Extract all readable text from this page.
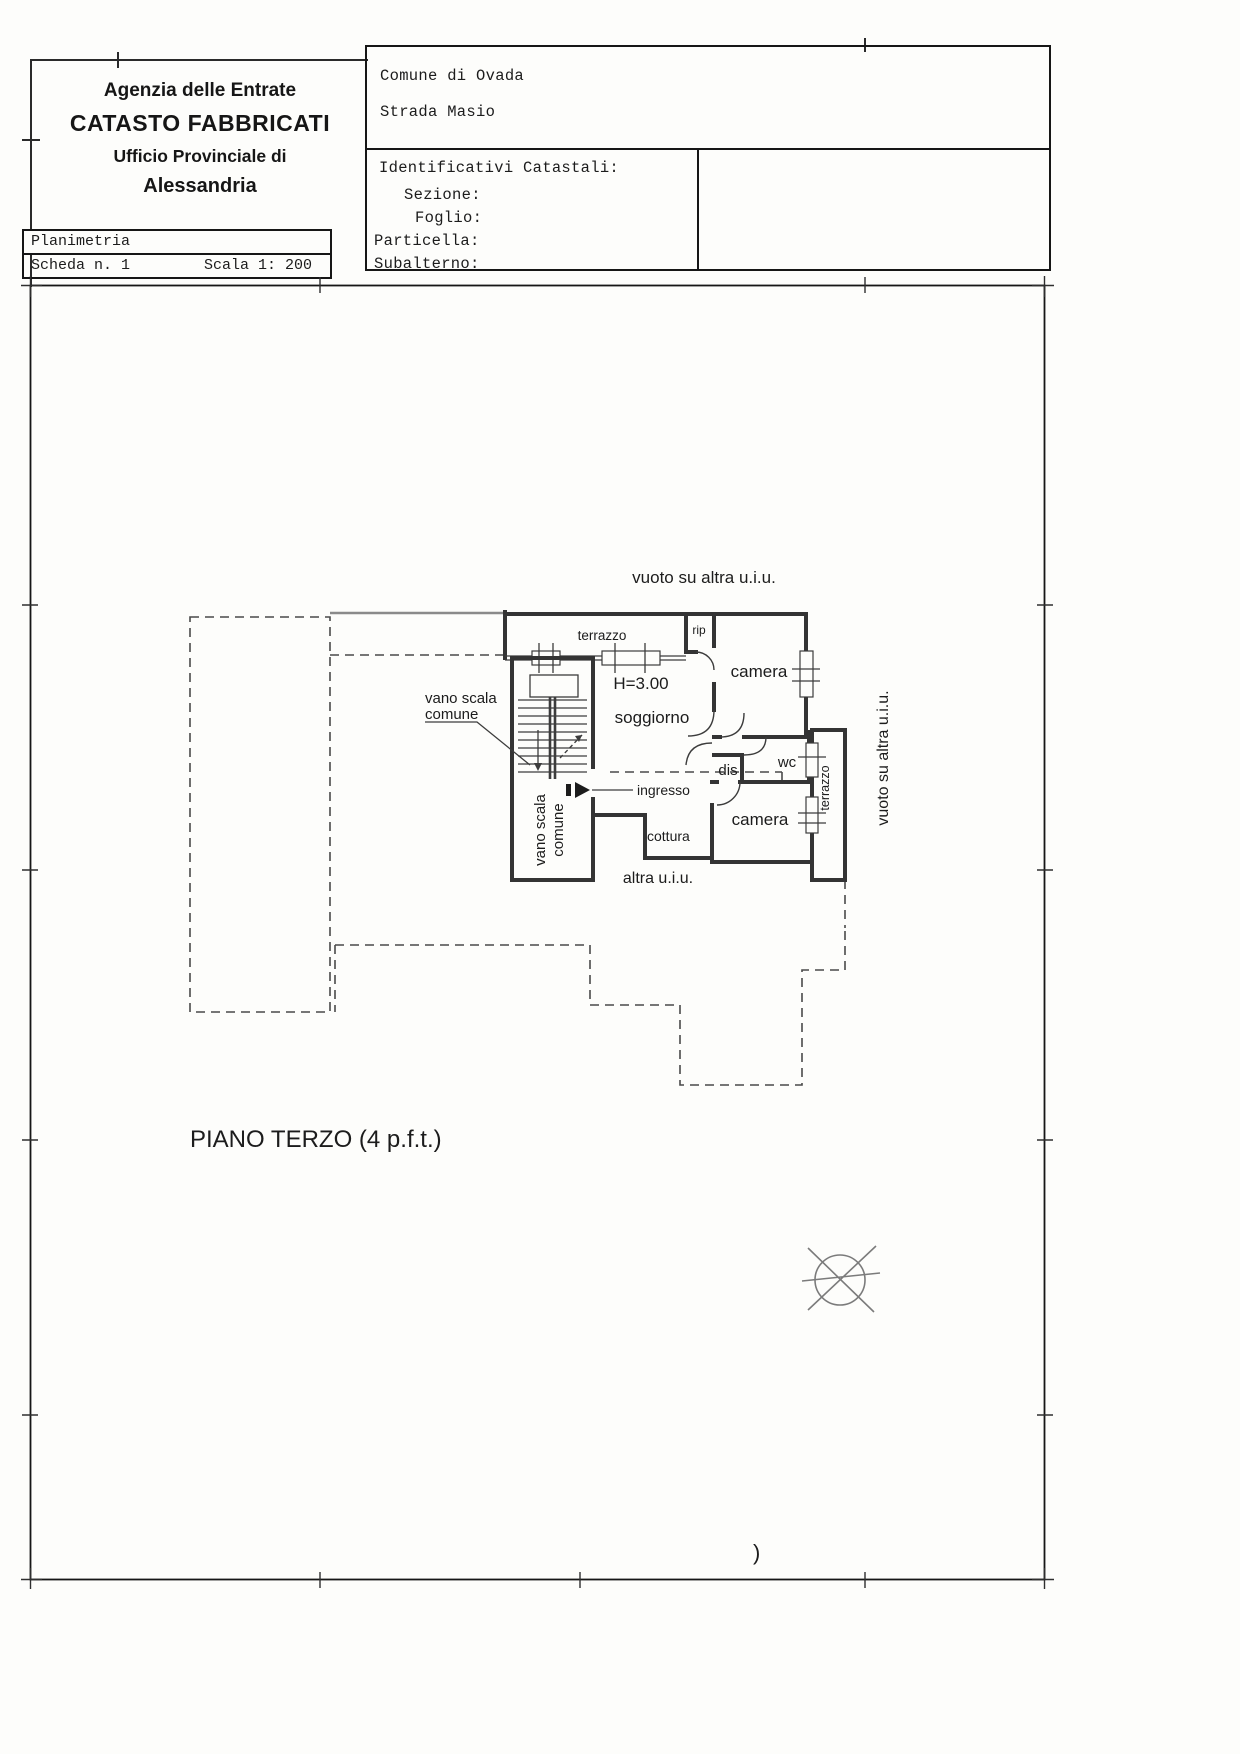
Agenzia delle Entrate
CATASTO FABBRICATI
Ufficio Provinciale di
Alessandria
Comune di Ovada
Strada Masio
Identificativi Catastali:
Sezione:
Foglio:
Particella:
Subalterno:
Planimetria
Scheda n. 1	Scala 1: 200
vuoto su altra u.i.u.
terrazzo	rip
camera
H=3.00
soggiorno
vano scala
comune
vano scala comune
dis	wc
terrazzo	vuoto su altra u.i.u.
ingresso
cottura
camera
altra u.i.u.
PIANO TERZO (4 p.f.t.)
)
